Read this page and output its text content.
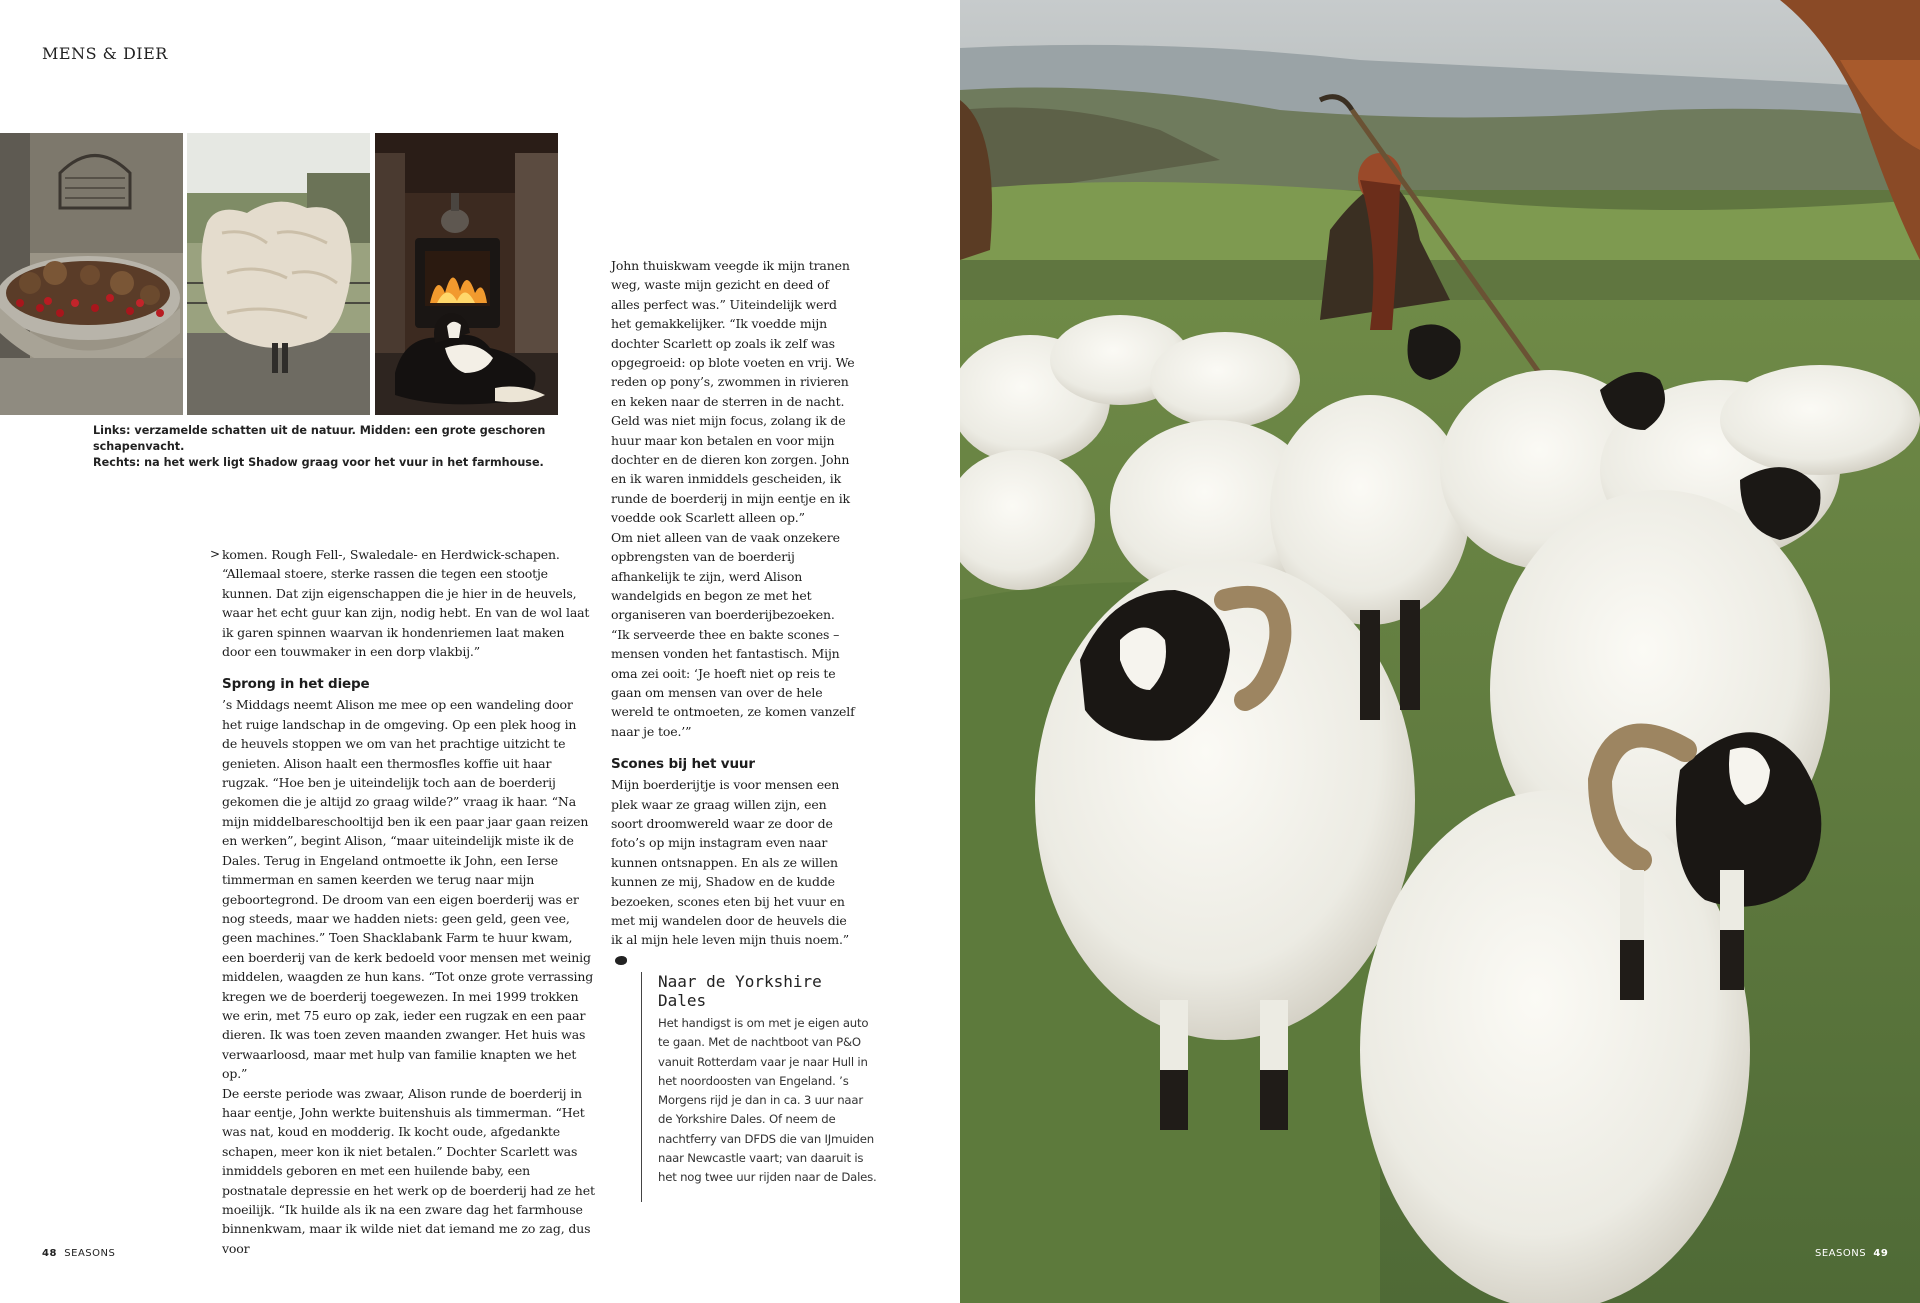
MENS & DIER

Links: verzamelde schatten uit de natuur. Midden: een grote geschoren schapenvacht.

Rechts: na het werk ligt Shadow graag voor het vuur in het farmhouse.

> komen. Rough Fell-, Swaledale- en Herdwick-schapen. “Allemaal stoere, sterke rassen die tegen een stootje kunnen. Dat zijn eigenschappen die je hier in de heuvels, waar het echt guur kan zijn, nodig hebt. En van de wol laat ik garen spinnen waarvan ik hondenriemen laat maken door een touwmaker in een dorp vlakbij.”

Sprong in het diepe

’s Middags neemt Alison me mee op een wandeling door het ruige landschap in de omgeving. Op een plek hoog in de heuvels stoppen we om van het prachtige uitzicht te genieten. Alison haalt een thermosfles koffie uit haar rugzak. “Hoe ben je uiteindelijk toch aan de boerderij gekomen die je altijd zo graag wilde?” vraag ik haar. “Na mijn middelbareschooltijd ben ik een paar jaar gaan reizen en werken”, begint Alison, “maar uiteindelijk miste ik de Dales. Terug in Engeland ontmoette ik John, een Ierse timmerman en samen keerden we terug naar mijn geboortegrond. De droom van een eigen boerderij was er nog steeds, maar we hadden niets: geen geld, geen vee, geen machines.” Toen Shacklabank Farm te huur kwam, een boerderij van de kerk bedoeld voor mensen met weinig middelen, waagden ze hun kans. “Tot onze grote verrassing kregen we de boerderij toegewezen. In mei 1999 trokken we erin, met 75 euro op zak, ieder een rugzak en een paar dieren. Ik was toen zeven maanden zwanger. Het huis was verwaarloosd, maar met hulp van familie knapten we het op.”

De eerste periode was zwaar, Alison runde de boerderij in haar eentje, John werkte buitenshuis als timmerman. “Het was nat, koud en modderig. Ik kocht oude, afgedankte schapen, meer kon ik niet betalen.” Dochter Scarlett was inmiddels geboren en met een huilende baby, een postnatale depressie en het werk op de boerderij had ze het moeilijk. “Ik huilde als ik na een zware dag het farmhouse binnenkwam, maar ik wilde niet dat iemand me zo zag, dus voor

John thuiskwam veegde ik mijn tranen weg, waste mijn gezicht en deed of alles perfect was.” Uiteindelijk werd het gemakkelijker. “Ik voedde mijn dochter Scarlett op zoals ik zelf was opgegroeid: op blote voeten en vrij. We reden op pony’s, zwommen in rivieren en keken naar de sterren in de nacht. Geld was niet mijn focus, zolang ik de huur maar kon betalen en voor mijn dochter en de dieren kon zorgen. John en ik waren inmiddels gescheiden, ik runde de boerderij in mijn eentje en ik voedde ook Scarlett alleen op.”

Om niet alleen van de vaak onzekere opbrengsten van de boerderij afhankelijk te zijn, werd Alison wandelgids en begon ze met het organiseren van boerderijbezoeken. “Ik serveerde thee en bakte scones – mensen vonden het fantastisch. Mijn oma zei ooit: ‘Je hoeft niet op reis te gaan om mensen van over de hele wereld te ontmoeten, ze komen vanzelf naar je toe.’”

Scones bij het vuur

Mijn boerderijtje is voor mensen een plek waar ze graag willen zijn, een soort droomwereld waar ze door de foto’s op mijn instagram even naar kunnen ontsnappen. En als ze willen kunnen ze mij, Shadow en de kudde bezoeken, scones eten bij het vuur en met mij wandelen door de heuvels die ik al mijn hele leven mijn thuis noem.”

Naar de Yorkshire Dales

Het handigst is om met je eigen auto te gaan. Met de nachtboot van P&O vanuit Rotterdam vaar je naar Hull in het noordoosten van Engeland. ’s Morgens rijd je dan in ca. 3 uur naar de Yorkshire Dales. Of neem de nachtferry van DFDS die van IJmuiden naar Newcastle vaart; van daaruit is het nog twee uur rijden naar de Dales.

48 SEASONS	SEASONS 49
